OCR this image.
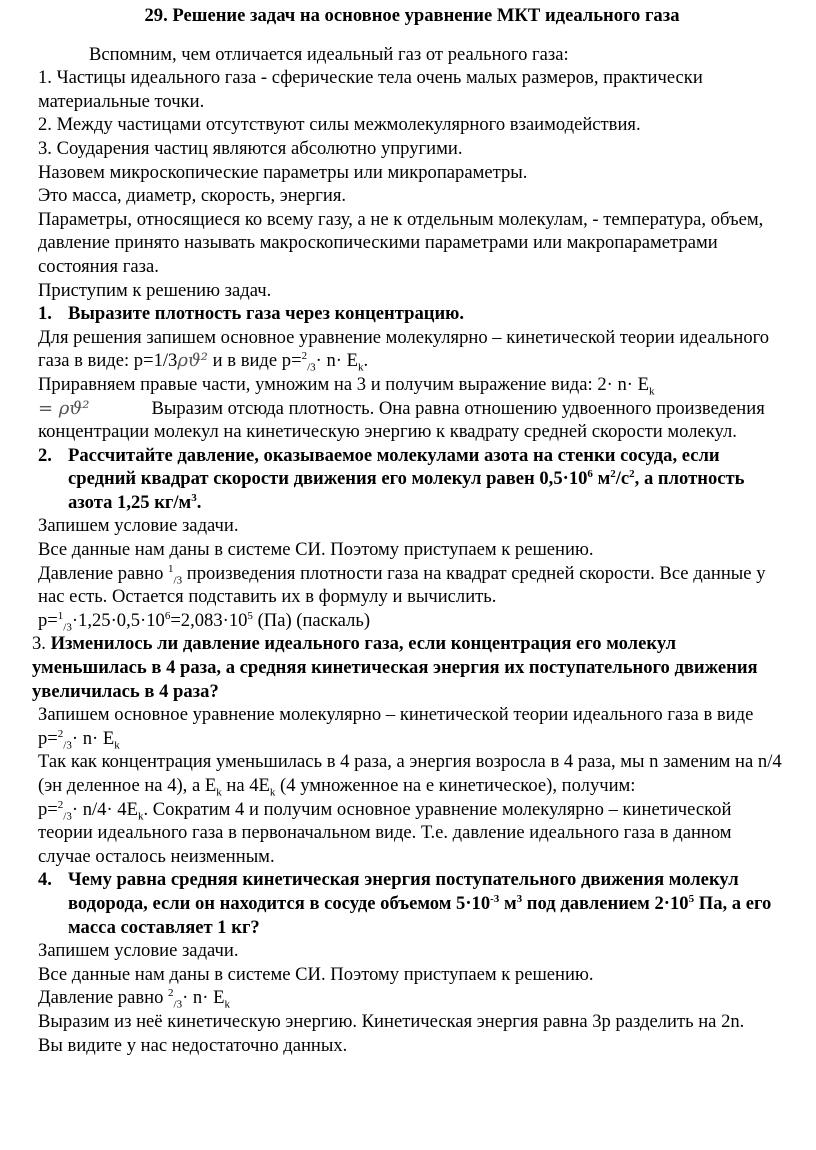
29. Решение задач на основное уравнение МКТ идеального газа

Вспомним, чем отличается идеальный газ от реального газа:

1. Частицы идеального газа - сферические тела очень малых размеров, практически материальные точки.

2. Между частицами отсутствуют силы межмолекулярного взаимодействия.

3. Соударения частиц являются абсолютно упругими.

Назовем микроскопические параметры или микропараметры.

Это масса, диаметр, скорость, энергия.

Параметры, относящиеся ко всему газу, а не к отдельным молекулам, - температура, объем, давление принято называть макроскопическими параметрами или макропараметрами состояния газа.

Приступим к решению задач.

1. Выразите плотность газа через концентрацию.

Для решения запишем основное уравнение молекулярно – кинетической теории идеального газа в виде: p=1/3ρϑ² и в виде $p=^2_{/3}\cdot n\cdot E_k$.

Приравняем правые части, умножим на 3 и получим выражение вида: $2\cdot n\cdot E_k$

= ρϑ²	Выразим отсюда плотность. Она равна отношению удвоенного произведения концентрации молекул на кинетическую энергию к квадрату средней скорости молекул.

2. Рассчитайте давление, оказываемое молекулами азота на стенки сосуда, если средний квадрат скорости движения его молекул равен $0,5\cdot 10^6$ $м^2/с^2$, а плотность азота 1,25 $кг/м^3$.

Запишем условие задачи.

Все данные нам даны в системе СИ. Поэтому приступаем к решению.

Давление равно $^1_{/3}$ произведения плотности газа на квадрат средней скорости. Все данные у нас есть. Остается подставить их в формулу и вычислить.

$p=^1_{/3}\cdot 1,25\cdot 0,5\cdot 10^6=2,083\cdot 10^5$ (Па) (паскаль)

3. Изменилось ли давление идеального газа, если концентрация его молекул уменьшилась в 4 раза, а средняя кинетическая энергия их поступательного движения увеличилась в 4 раза?

Запишем основное уравнение молекулярно – кинетической теории идеального газа в виде $p=^2_{/3}\cdot n\cdot E_k$

Так как концентрация уменьшилась в 4 раза, а энергия возросла в 4 раза, мы n заменим на n/4 (эн деленное на 4), а $E_k$ на $4E_k$ (4 умноженное на е кинетическое), получим:

$p=^2_{/3}\cdot n/4\cdot 4E_k$. Сократим 4 и получим основное уравнение молекулярно – кинетической теории идеального газа в первоначальном виде. Т.е. давление идеального газа в данном случае осталось неизменным.

4. Чему равна средняя кинетическая энергия поступательного движения молекул водорода, если он находится в сосуде объемом $5\cdot 10^{-3}$ $м^3$ под давлением $2\cdot 10^5$ Па, а его масса составляет 1 кг?

Запишем условие задачи.

Все данные нам даны в системе СИ. Поэтому приступаем к решению.

Давление равно $^2_{/3}\cdot n\cdot E_k$

Выразим из неё кинетическую энергию. Кинетическая энергия равна 3p разделить на 2n.

Вы видите у нас недостаточно данных.
